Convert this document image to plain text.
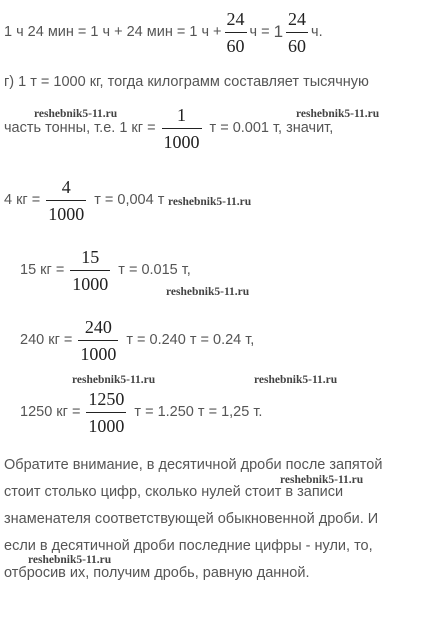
1 ч 24 мин = 1 ч + 24 мин = 1 $ч + \frac{24}{60}$ $ч = 1 \frac{24}{60} ч$.
г) 1 т = 1000 кг, тогда килограмм составляет тысячную
часть тонны, т.е. 1 кг = $\frac{1}{1000}$ т = 0.001 т, значит,
4 кг = $\frac{4}{1000}$ т = 0,004 т
15 кг = $\frac{15}{1000}$ т = 0.015 т,
240 кг = $\frac{240}{1000}$ т = 0.240 т = 0.24 т,
1250 кг = $\frac{1250}{1000}$ т = 1.250 т = 1,25 т.
Обратите внимание, в десятичной дроби после запятой
стоит столько цифр, сколько нулей стоит в записи
знаменателя соответствующей обыкновенной дроби. И
если в десятичной дроби последние цифры - нули, то,
отбросив их, получим дробь, равную данной.
reshebnik5-11.ru	reshebnik5-11.ru
reshebnik5-11.ru
reshebnik5-11.ru
reshebnik5-11.ru	reshebnik5-11.ru
reshebnik5-11.ru
reshebnik5-11.ru
